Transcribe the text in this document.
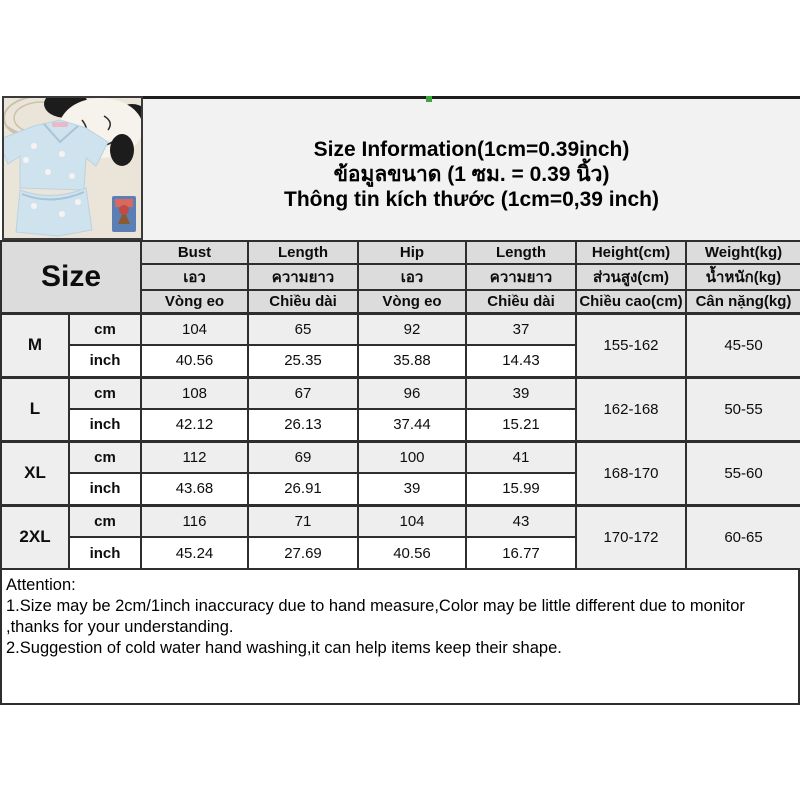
Size Information(1cm=0.39inch)
ข้อมูลขนาด (1 ซม. = 0.39 นิ้ว)
Thông tin kích thước (1cm=0,39 inch)
Size		Bust	Length	Hip	Length	Height(cm)	Weight(kg)
		เอว	ความยาว	เอว	ความยาว	ส่วนสูง(cm)	น้ำหนัก(kg)
		Vòng eo	Chiều dài	Vòng eo	Chiều dài	Chiều cao(cm)	Cân nặng(kg)
M	cm	104	65	92	37	155-162	45-50
	inch	40.56	25.35	35.88	14.43		
L	cm	108	67	96	39	162-168	50-55
	inch	42.12	26.13	37.44	15.21		
XL	cm	112	69	100	41	168-170	55-60
	inch	43.68	26.91	39	15.99		
2XL	cm	116	71	104	43	170-172	60-65
	inch	45.24	27.69	40.56	16.77		
Attention:
1.Size may be 2cm/1inch inaccuracy due to hand measure,Color may be little different due to monitor ,thanks for your understanding.
2.Suggestion of cold water hand washing,it can help items keep their shape.
